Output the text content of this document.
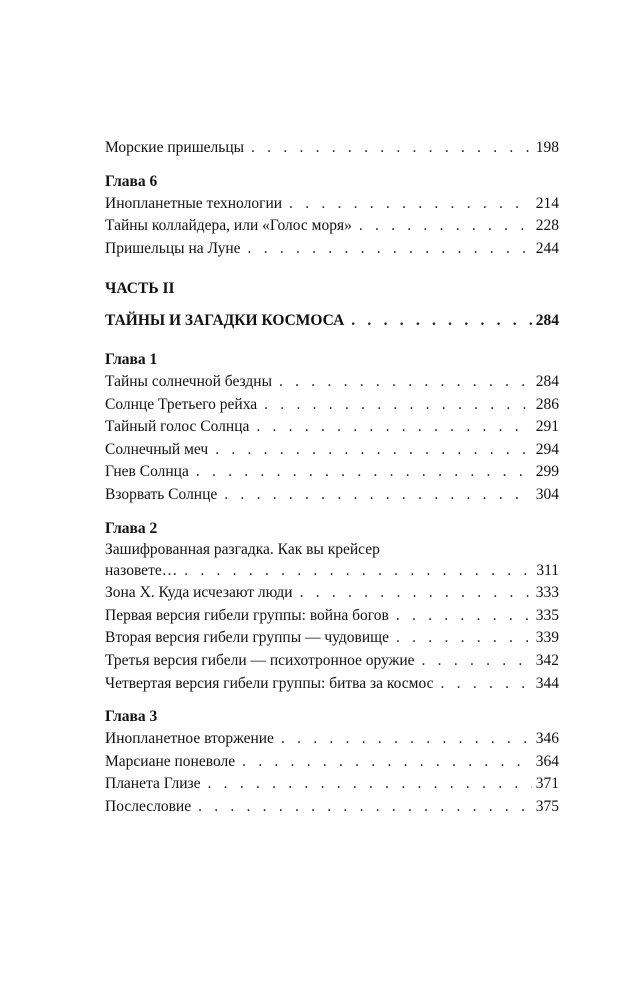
Морские пришельцы . . .	198
Глава 6
Инопланетные технологии . . .	214
Тайны коллайдера, или «Голос моря» . . .	228
Пришельцы на Луне . . .	244
ЧАСТЬ II
ТАЙНЫ И ЗАГАДКИ КОСМОСА . . .	284
Глава 1
Тайны солнечной бездны . . .	284
Солнце Третьего рейха . . .	286
Тайный голос Солнца . . .	291
Солнечный меч . . .	294
Гнев Солнца . . .	299
Взорвать Солнце . . .	304
Глава 2
Зашифрованная разгадка. Как вы крейсер
назовете… . . .	311
Зона X. Куда исчезают люди . . .	333
Первая версия гибели группы: война богов . . .	335
Вторая версия гибели группы — чудовище . . .	339
Третья версия гибели — психотронное оружие . . .	342
Четвертая версия гибели группы: битва за космос . . .	344
Глава 3
Инопланетное вторжение . . .	346
Марсиане поневоле . . .	364
Планета Глизе . . .	371
Послесловие . . .	375
